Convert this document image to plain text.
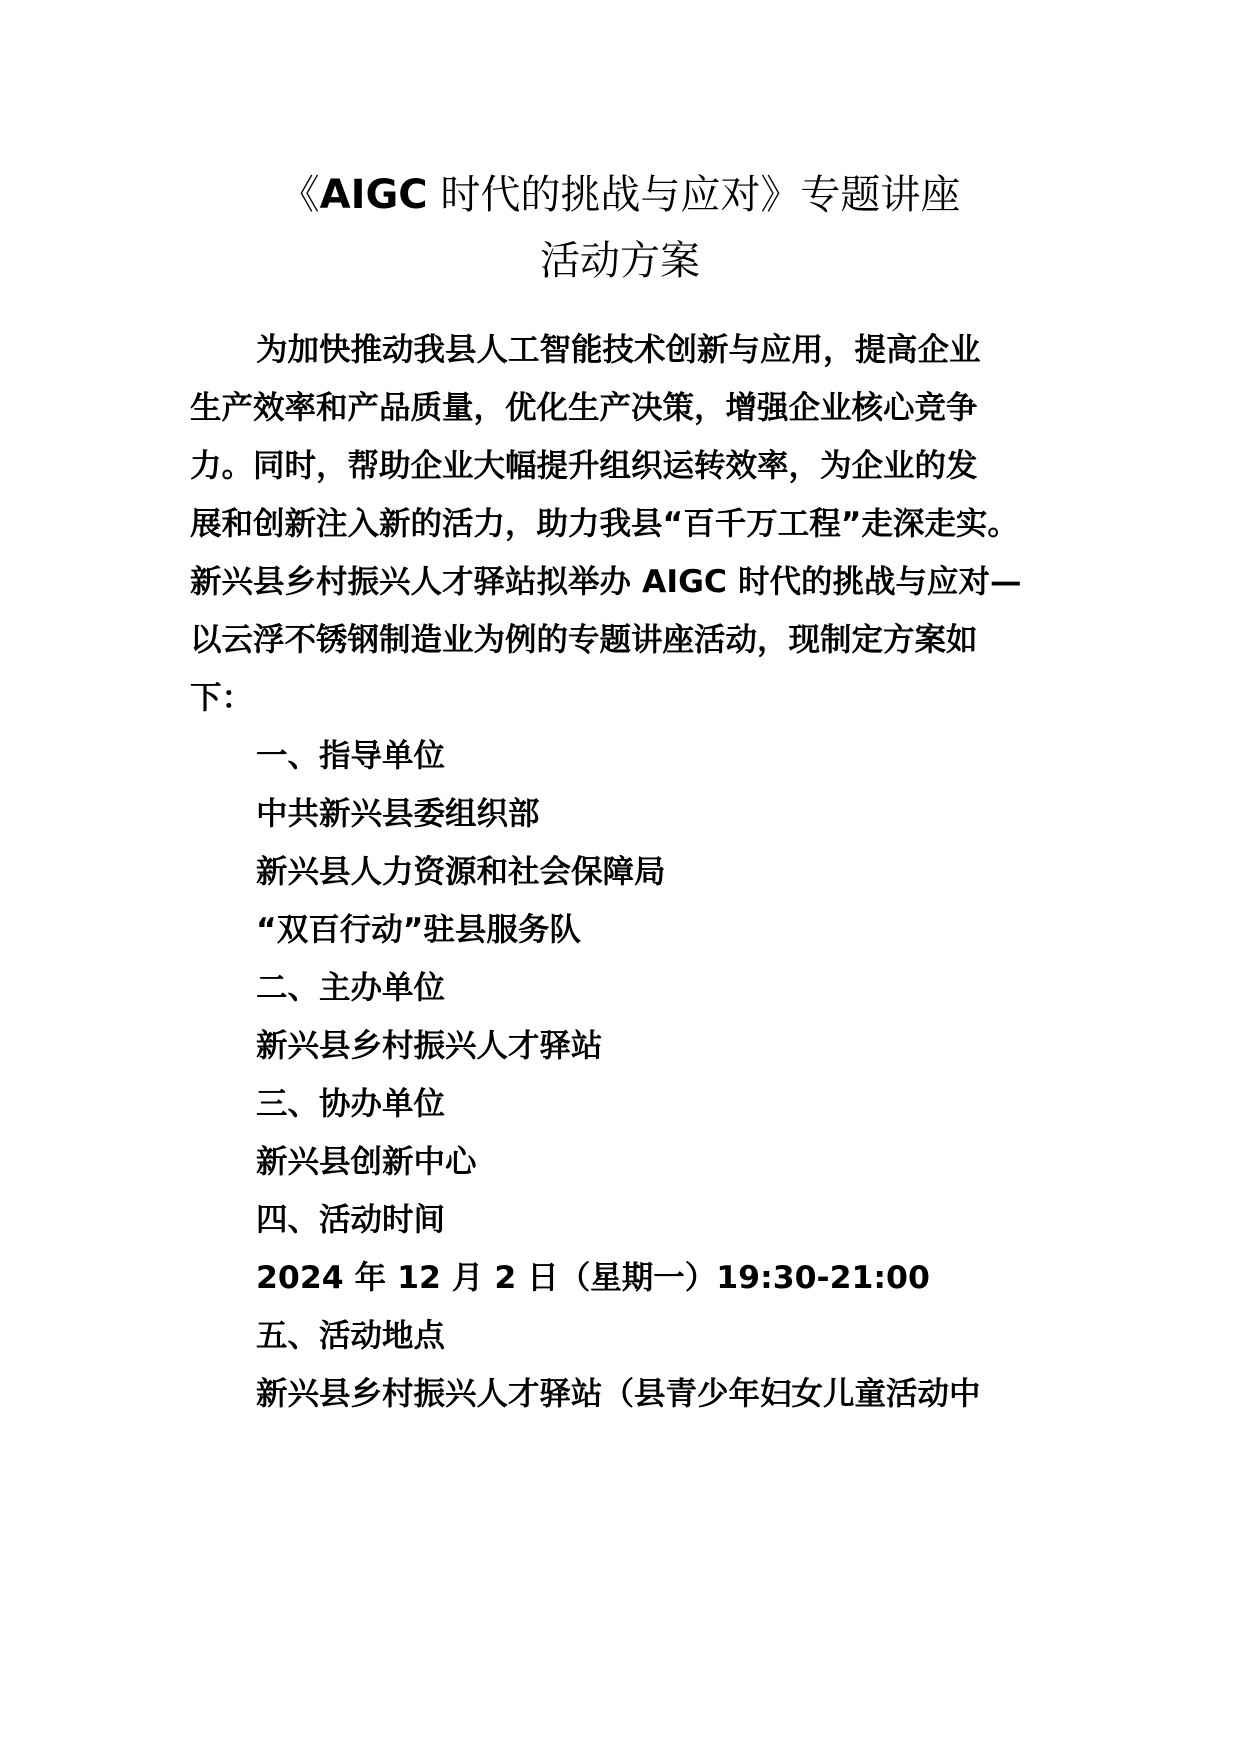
《AIGC 时代的挑战与应对》专题讲座
活动方案
为加快推动我县人工智能技术创新与应用，提高企业
生产效率和产品质量，优化生产决策，增强企业核心竞争
力。同时，帮助企业大幅提升组织运转效率，为企业的发
展和创新注入新的活力，助力我县“百千万工程”走深走实。
新兴县乡村振兴人才驿站拟举办 AIGC 时代的挑战与应对—
以云浮不锈钢制造业为例的专题讲座活动，现制定方案如
下：
一、指导单位
中共新兴县委组织部
新兴县人力资源和社会保障局
“双百行动”驻县服务队
二、主办单位
新兴县乡村振兴人才驿站
三、协办单位
新兴县创新中心
四、活动时间
2024 年 12 月 2 日（星期一）19:30-21:00
五、活动地点
新兴县乡村振兴人才驿站（县青少年妇女儿童活动中
